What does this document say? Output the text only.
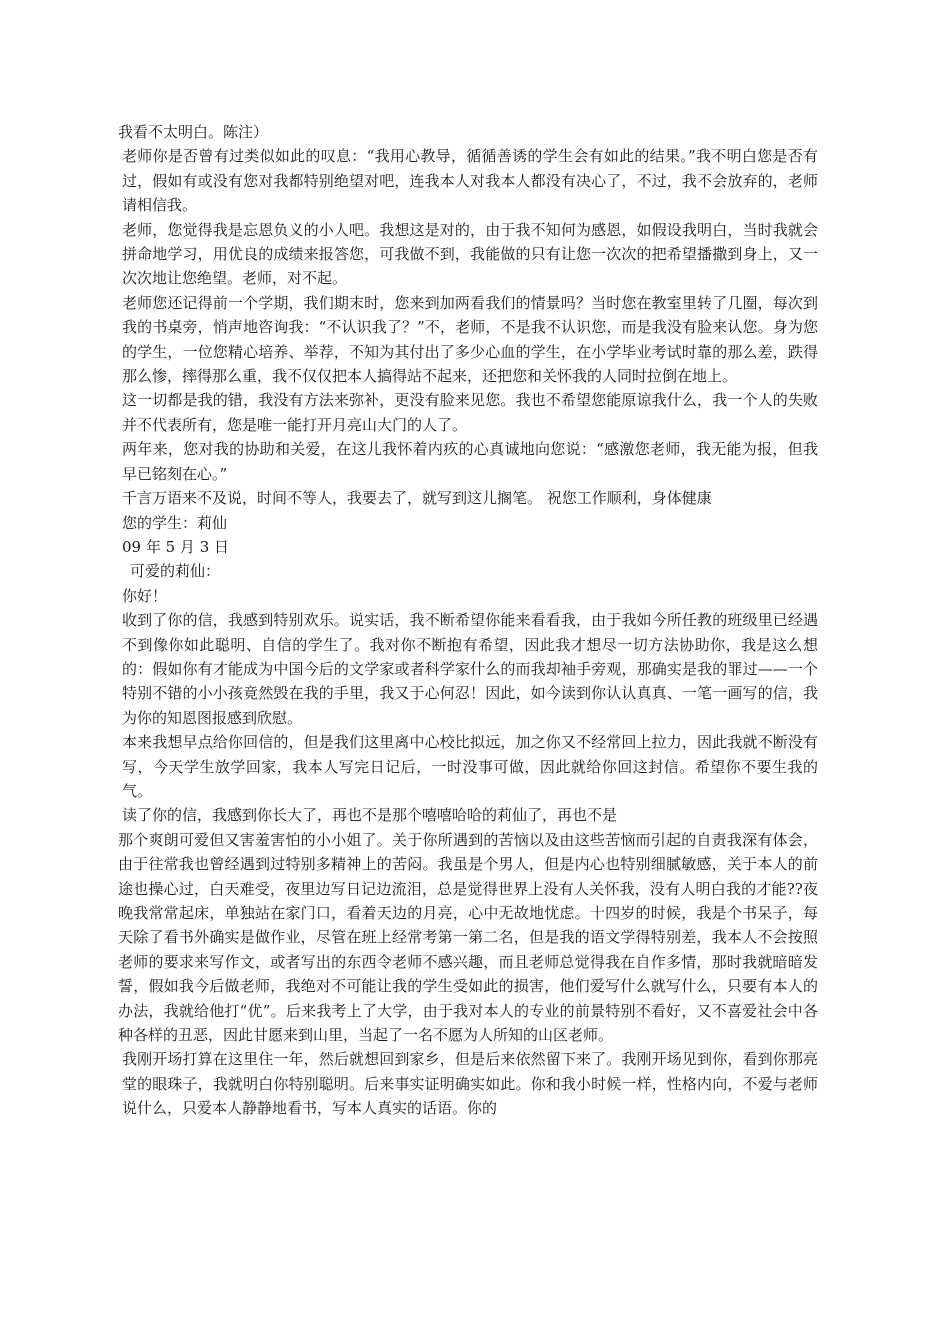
我看不太明白。陈注）

老师你是否曾有过类似如此的叹息：“我用心教导，循循善诱的学生会有如此的结果。”我不明白您是否有过，假如有或没有您对我都特别绝望对吧，连我本人对我本人都没有决心了，不过，我不会放弃的，老师请相信我。

老师，您觉得我是忘恩负义的小人吧。我想这是对的，由于我不知何为感恩，如假设我明白，当时我就会拼命地学习，用优良的成绩来报答您，可我做不到，我能做的只有让您一次次的把希望播撒到身上，又一次次地让您绝望。老师，对不起。

老师您还记得前一个学期，我们期末时，您来到加两看我们的情景吗？当时您在教室里转了几圈，每次到我的书桌旁，悄声地咨询我：“不认识我了？”不，老师，不是我不认识您，而是我没有脸来认您。身为您的学生，一位您精心培养、举荐，不知为其付出了多少心血的学生，在小学毕业考试时靠的那么差，跌得那么惨，摔得那么重，我不仅仅把本人搞得站不起来，还把您和关怀我的人同时拉倒在地上。

这一切都是我的错，我没有方法来弥补，更没有脸来见您。我也不希望您能原谅我什么，我一个人的失败并不代表所有，您是唯一能打开月亮山大门的人了。

两年来，您对我的协助和关爱，在这儿我怀着内疚的心真诚地向您说：“感激您老师，我无能为报，但我早已铭刻在心。”

千言万语来不及说，时间不等人，我要去了，就写到这儿搁笔。 祝您工作顺利，身体健康

您的学生：莉仙

09 年 5 月 3 日

可爱的莉仙：

你好！

收到了你的信，我感到特别欢乐。说实话，我不断希望你能来看看我，由于我如今所任教的班级里已经遇不到像你如此聪明、自信的学生了。我对你不断抱有希望，因此我才想尽一切方法协助你，我是这么想的：假如你有才能成为中国今后的文学家或者科学家什么的而我却袖手旁观，那确实是我的罪过——一个特别不错的小小孩竟然毁在我的手里，我又于心何忍！因此，如今读到你认认真真、一笔一画写的信，我为你的知恩图报感到欣慰。

本来我想早点给你回信的，但是我们这里离中心校比拟远，加之你又不经常回上拉力，因此我就不断没有写，今天学生放学回家，我本人写完日记后，一时没事可做，因此就给你回这封信。希望你不要生我的气。

读了你的信，我感到你长大了，再也不是那个嘻嘻哈哈的莉仙了，再也不是

那个爽朗可爱但又害羞害怕的小小姐了。关于你所遇到的苦恼以及由这些苦恼而引起的自责我深有体会，由于往常我也曾经遇到过特别多精神上的苦闷。我虽是个男人，但是内心也特别细腻敏感，关于本人的前途也操心过，白天难受，夜里边写日记边流泪，总是觉得世界上没有人关怀我，没有人明白我的才能??夜晚我常常起床，单独站在家门口，看着天边的月亮，心中无故地忧虑。十四岁的时候，我是个书呆子，每天除了看书外确实是做作业，尽管在班上经常考第一第二名，但是我的语文学得特别差，我本人不会按照老师的要求来写作文，或者写出的东西令老师不感兴趣，而且老师总觉得我在自作多情，那时我就暗暗发誓，假如我今后做老师，我绝对不可能让我的学生受如此的损害，他们爱写什么就写什么，只要有本人的办法，我就给他打“优”。后来我考上了大学，由于我对本人的专业的前景特别不看好，又不喜爱社会中各种各样的丑恶，因此甘愿来到山里，当起了一名不愿为人所知的山区老师。

我刚开场打算在这里住一年，然后就想回到家乡，但是后来依然留下来了。我刚开场见到你，看到你那亮堂的眼珠子，我就明白你特别聪明。后来事实证明确实如此。你和我小时候一样，性格内向，不爱与老师说什么，只爱本人静静地看书，写本人真实的话语。你的
